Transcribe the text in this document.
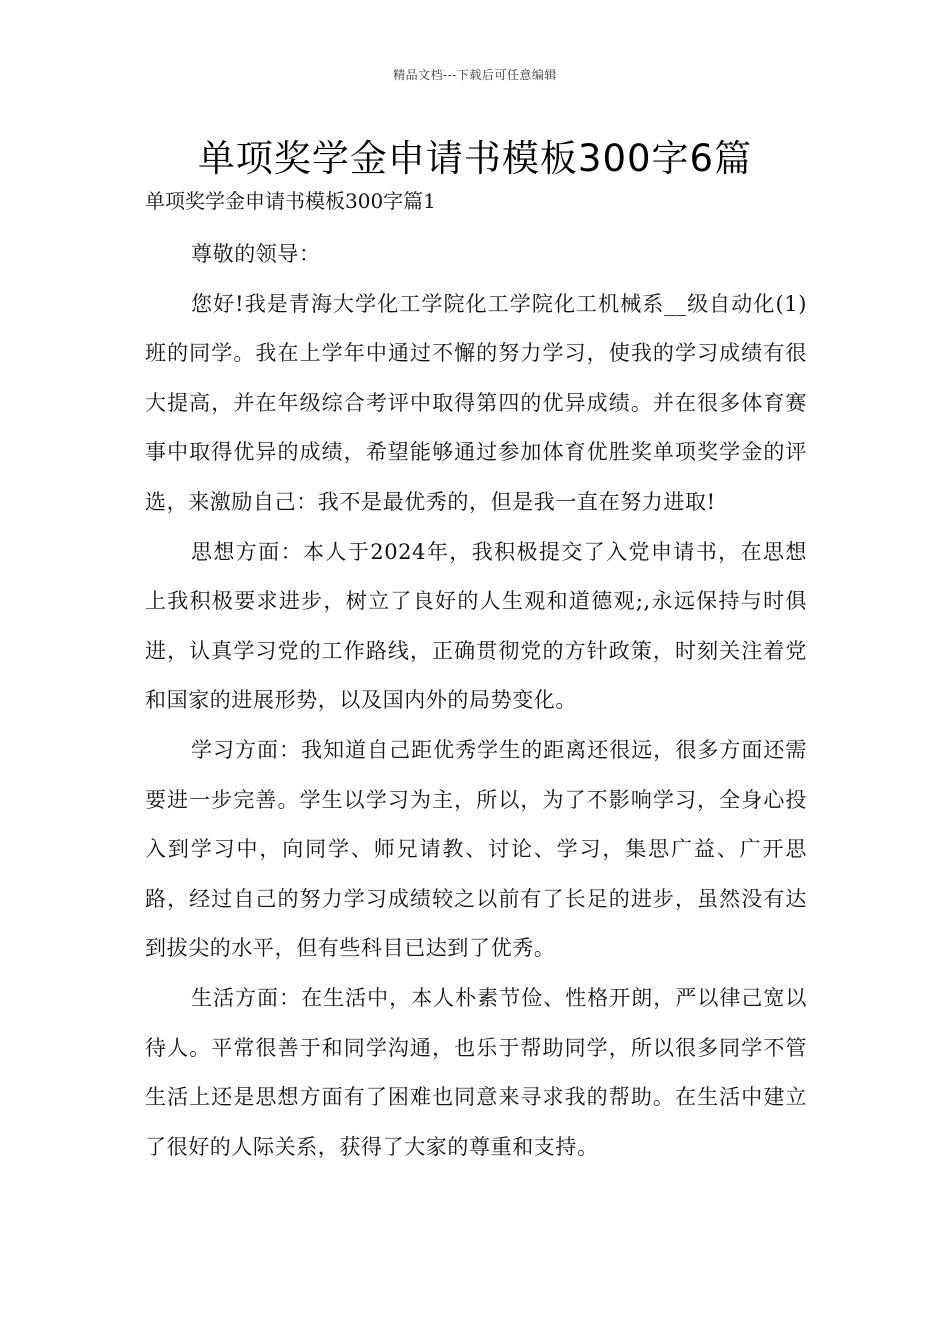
精品文档---下载后可任意编辑
单项奖学金申请书模板300字6篇

单项奖学金申请书模板300字篇1

尊敬的领导：

您好!我是青海大学化工学院化工学院化工机械系__级自动化(1)班的同学。我在上学年中通过不懈的努力学习，使我的学习成绩有很大提高，并在年级综合考评中取得第四的优异成绩。并在很多体育赛事中取得优异的成绩，希望能够通过参加体育优胜奖单项奖学金的评选，来激励自己：我不是最优秀的，但是我一直在努力进取!

思想方面：本人于2024年，我积极提交了入党申请书，在思想上我积极要求进步，树立了良好的人生观和道德观;,永远保持与时俱进，认真学习党的工作路线，正确贯彻党的方针政策，时刻关注着党和国家的进展形势，以及国内外的局势变化。

学习方面：我知道自己距优秀学生的距离还很远，很多方面还需要进一步完善。学生以学习为主，所以，为了不影响学习，全身心投入到学习中，向同学、师兄请教、讨论、学习，集思广益、广开思路，经过自己的努力学习成绩较之以前有了长足的进步，虽然没有达到拔尖的水平，但有些科目已达到了优秀。

生活方面：在生活中，本人朴素节俭、性格开朗，严以律己宽以待人。平常很善于和同学沟通，也乐于帮助同学，所以很多同学不管生活上还是思想方面有了困难也同意来寻求我的帮助。在生活中建立了很好的人际关系，获得了大家的尊重和支持。
